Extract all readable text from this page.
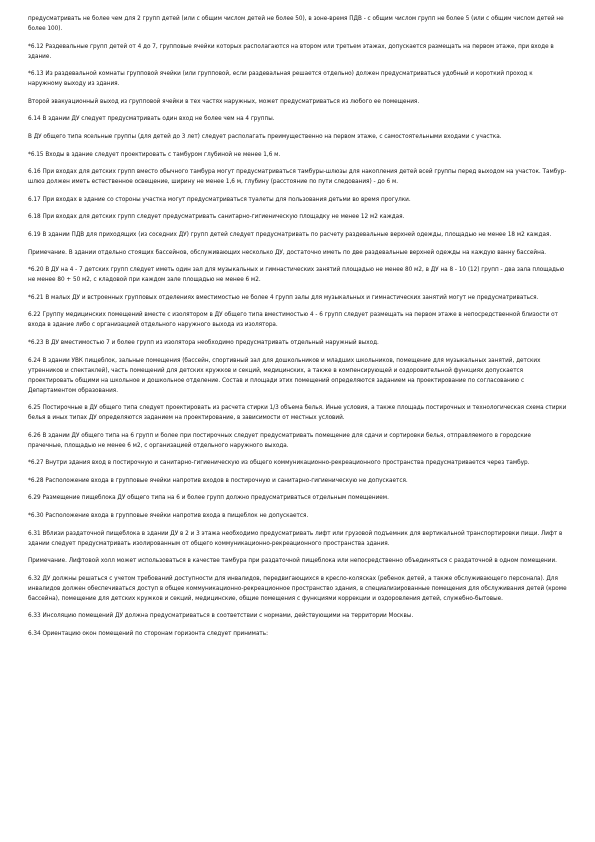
предусматривать не более чем для 2 групп детей (или с общим числом детей не более 50), в зоне-время ПДВ - с общим числом групп не более 5 (или с общим числом детей не более 100).

*6.12 Раздевальные групп детей от 4 до 7, групповые ячейки которых располагаются на втором или третьем этажах, допускается размещать на первом этаже, при входе в здание.

*6.13 Из раздевальной комнаты групповой ячейки (или групповой, если раздевальная решается отдельно) должен предусматриваться удобный и короткий проход к наружному выходу из здания.

Второй эвакуационный выход из групповой ячейки в тех частях наружных, может предусматриваться из любого ее помещения.

6.14 В здании ДУ следует предусматривать один вход не более чем на 4 группы.

В ДУ общего типа ясельные группы (для детей до 3 лет) следует располагать преимущественно на первом этаже, с самостоятельными входами с участка.

*6.15 Входы в здание следует проектировать с тамбуром глубиной не менее 1,6 м.

6.16 При входах для детских групп вместо обычного тамбура могут предусматриваться тамбуры-шлюзы для накопления детей всей группы перед выходом на участок. Тамбур-шлюз должен иметь естественное освещение, ширину не менее 1,6 м, глубину (расстояние по пути следования) - до 6 м.

6.17 При входах в здание со стороны участка могут предусматриваться туалеты для пользования детьми во время прогулки.

6.18 При входах для детских групп следует предусматривать санитарно-гигиеническую площадку не менее 12 м2 каждая.

6.19 В здании ПДВ для приходящих (из соседних ДУ) групп детей следует предусматривать по расчету раздевальные верхней одежды, площадью не менее 18 м2 каждая.

Примечание. В здании отдельно стоящих бассейнов, обслуживающих несколько ДУ, достаточно иметь по две раздевальные верхней одежды на каждую ванну бассейна.

*6.20 В ДУ на 4 - 7 детских групп следует иметь один зал для музыкальных и гимнастических занятий площадью не менее 80 м2, в ДУ на 8 - 10 (12) групп - два зала площадью не менее 80 + 50 м2, с кладовой при каждом зале площадью не менее 6 м2.

*6.21 В малых ДУ и встроенных групповых отделениях вместимостью не более 4 групп залы для музыкальных и гимнастических занятий могут не предусматриваться.

6.22 Группу медицинских помещений вместе с изолятором в ДУ общего типа вместимостью 4 - 6 групп следует размещать на первом этаже в непосредственной близости от входа в здание либо с организацией отдельного наружного выхода из изолятора.

*6.23 В ДУ вместимостью 7 и более групп из изолятора необходимо предусматривать отдельный наружный выход.

6.24 В здании УВК пищеблок, зальные помещения (бассейн, спортивный зал для дошкольников и младших школьников, помещение для музыкальных занятий, детских утренников и спектаклей), часть помещений для детских кружков и секций, медицинских, а также в компенсирующей и оздоровительной функциях допускается проектировать общими на школьное и дошкольное отделение. Состав и площади этих помещений определяются заданием на проектирование по согласованию с Департаментом образования.

6.25 Постирочные в ДУ общего типа следует проектировать из расчета стирки 1/3 объема белья. Иные условия, а также площадь постирочных и технологическая схема стирки белья в иных типах ДУ определяются заданием на проектирование, в зависимости от местных условий.

6.26 В здании ДУ общего типа на 6 групп и более при постирочных следует предусматривать помещение для сдачи и сортировки белья, отправляемого в городские прачечные, площадью не менее 6 м2, с организацией отдельного наружного выхода.

*6.27 Внутри здания вход в постирочную и санитарно-гигиеническую из общего коммуникационно-рекреационного пространства предусматривается через тамбур.

*6.28 Расположение входа в групповые ячейки напротив входов в постирочную и санитарно-гигиеническую не допускается.

6.29 Размещение пищеблока ДУ общего типа на 6 и более групп должно предусматриваться отдельным помещением.

*6.30 Расположение входа в групповые ячейки напротив входа в пищеблок не допускается.

6.31 Вблизи раздаточной пищеблока в здании ДУ в 2 и 3 этажа необходимо предусматривать лифт или грузовой подъемник для вертикальной транспортировки пищи. Лифт в здании следует предусматривать изолированным от общего коммуникационно-рекреационного пространства здания.

Примечание. Лифтовой холл может использоваться в качестве тамбура при раздаточной пищеблока или непосредственно объединяться с раздаточной в одном помещении.

6.32 ДУ должны решаться с учетом требований доступности для инвалидов, передвигающихся в кресло-колясках (ребенок детей, а также обслуживающего персонала). Для инвалидов должен обеспечиваться доступ в общее коммуникационно-рекреационное пространство здания, в специализированные помещения для обслуживания детей (кроме бассейна), помещение для детских кружков и секций, медицинские, общие помещения с функциями коррекции и оздоровления детей, служебно-бытовые.

6.33 Инсоляцию помещений ДУ должна предусматриваться в соответствии с нормами, действующими на территории Москвы.

6.34 Ориентацию окон помещений по сторонам горизонта следует принимать:
